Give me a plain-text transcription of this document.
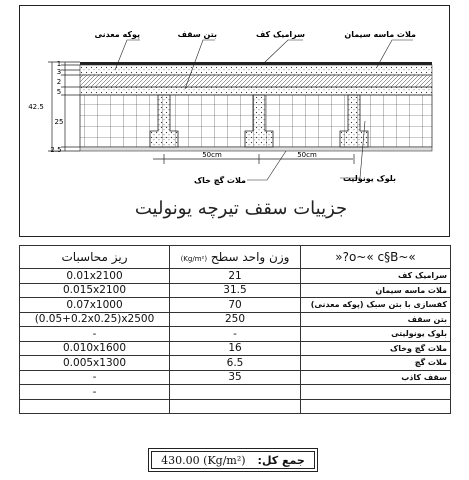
1
3
2
5
42.5
25
2.5
50cm	50cm
پوکه معدنی	بتن سقف	سرامیک کف	ملات ماسه سیمان
ملات گچ خاک	بلوک یونولیت
جزییات سقف تیرچه یونولیت
ریز محاسبات	وزن واحد سطح (Kg/m²)	»?o~« c§B~«
0.01x2100	21	سرامیک کف
0.015x2100	31.5	ملات ماسه سیمان
0.07x1000	70	کفسازی با بتن سبک (پوکه معدنی)
(0.05+0.2x0.25)x2500	250	بتن سقف
-	-	بلوک یونولیتی
0.010x1600	16	ملات گچ وخاک
0.005x1300	6.5	ملات گچ
-	35	سقف کاذب
-		

430.00 (Kg/m²) جمع کل:
